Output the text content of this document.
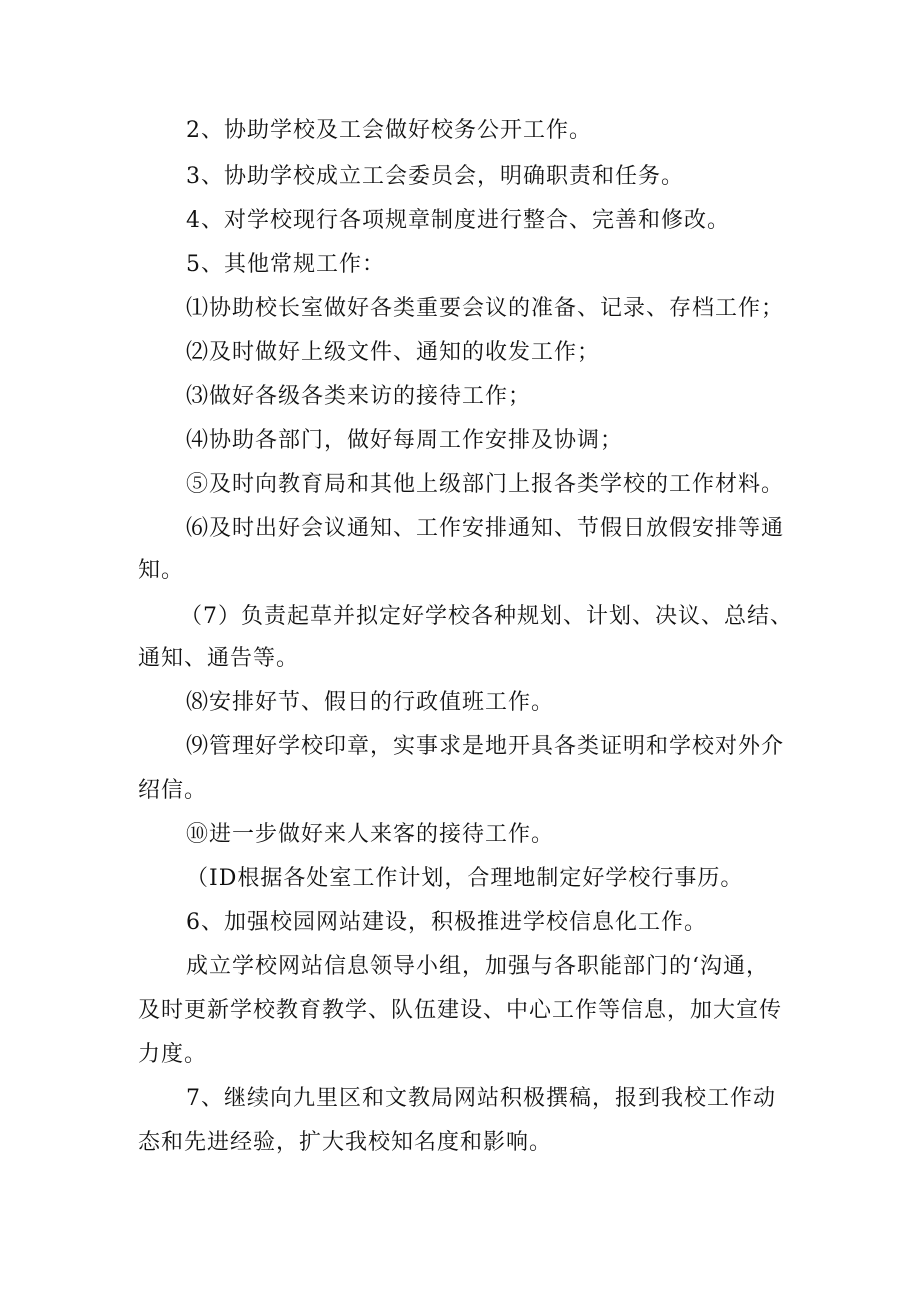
2、协助学校及工会做好校务公开工作。

3、协助学校成立工会委员会，明确职责和任务。

4、对学校现行各项规章制度进行整合、完善和修改。

5、其他常规工作：

⑴协助校长室做好各类重要会议的准备、记录、存档工作；

⑵及时做好上级文件、通知的收发工作；

⑶做好各级各类来访的接待工作；

⑷协助各部门，做好每周工作安排及协调；

⑤及时向教育局和其他上级部门上报各类学校的工作材料。

⑹及时出好会议通知、工作安排通知、节假日放假安排等通

知。

（7）负责起草并拟定好学校各种规划、计划、决议、总结、

通知、通告等。

⑻安排好节、假日的行政值班工作。

⑼管理好学校印章，实事求是地开具各类证明和学校对外介

绍信。

⑩进一步做好来人来客的接待工作。

（ID根据各处室工作计划，合理地制定好学校行事历。

6、加强校园网站建设，积极推进学校信息化工作。

成立学校网站信息领导小组，加强与各职能部门的‘沟通，

及时更新学校教育教学、队伍建设、中心工作等信息，加大宣传

力度。

7、继续向九里区和文教局网站积极撰稿，报到我校工作动

态和先进经验，扩大我校知名度和影响。
